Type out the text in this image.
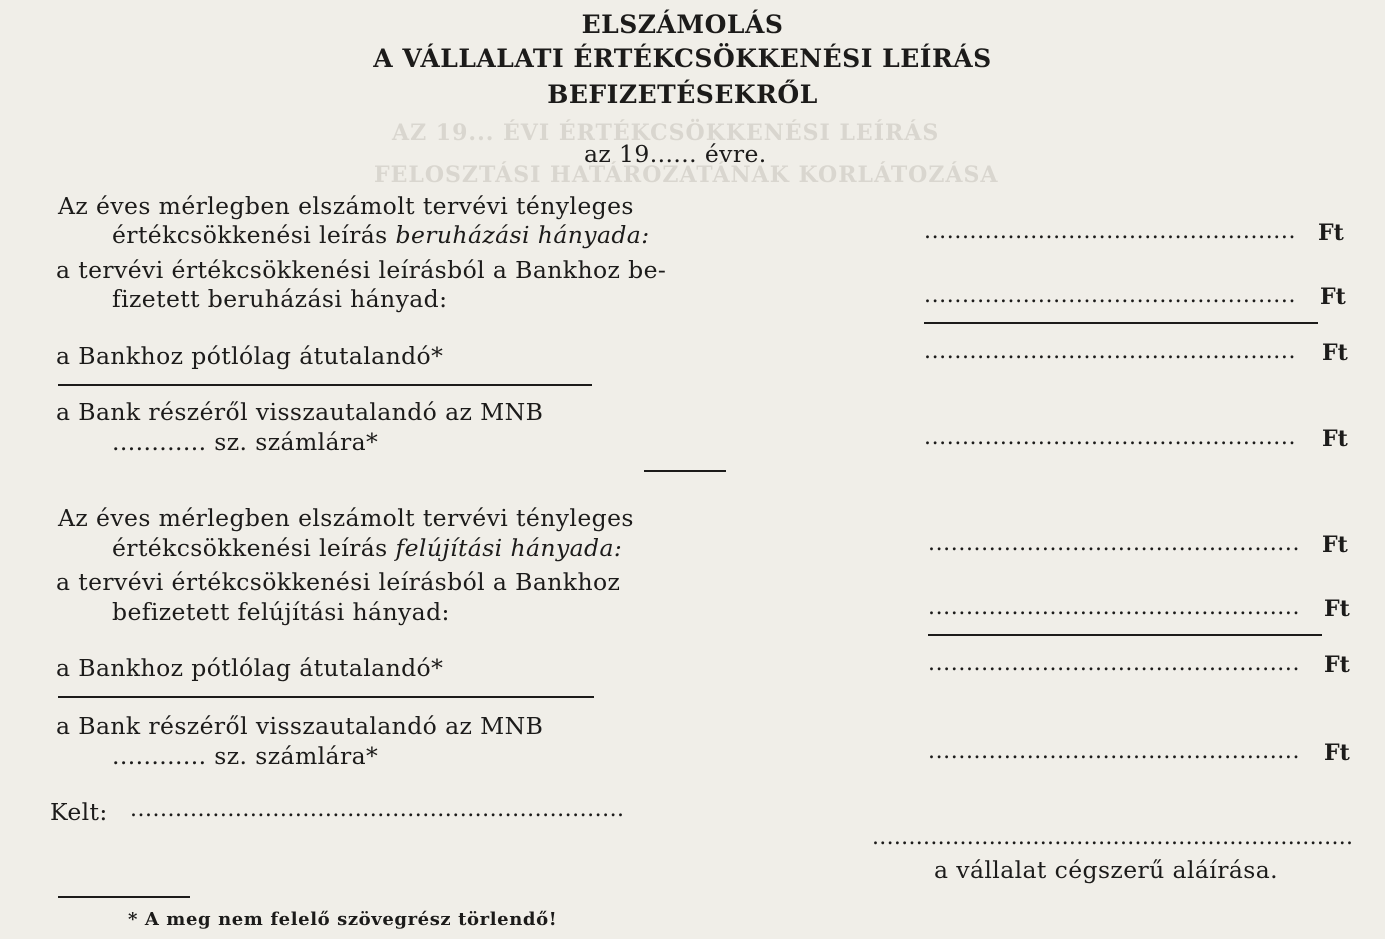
AZ 19... ÉVI ÉRTÉKCSÖKKENÉSI LEÍRÁS
FELOSZTÁSI HATÁROZATÁNAK KORLÁTOZÁSA
ELSZÁMOLÁS
A VÁLLALATI ÉRTÉKCSÖKKENÉSI LEÍRÁS
BEFIZETÉSEKRŐL
az 19...... évre.
Az éves mérlegben elszámolt tervévi tényleges
értékcsökkenési leírás beruházási hányada:	................................................. Ft
a tervévi értékcsökkenési leírásból a Bankhoz be-
fizetett beruházási hányad:	................................................. Ft
a Bankhoz pótlólag átutalandó*	................................................. Ft
a Bank részéről visszautalandó az MNB
............ sz. számlára*	................................................. Ft
Az éves mérlegben elszámolt tervévi tényleges
értékcsökkenési leírás felújítási hányada:	................................................. Ft
a tervévi értékcsökkenési leírásból a Bankhoz
befizetett felújítási hányad:	................................................. Ft
a Bankhoz pótlólag átutalandó*	................................................. Ft
a Bank részéről visszautalandó az MNB
............ sz. számlára*	................................................. Ft
Kelt: ..................................................................
..................................................................
a vállalat cégszerű aláírása.
* A meg nem felelő szövegrész törlendő!
